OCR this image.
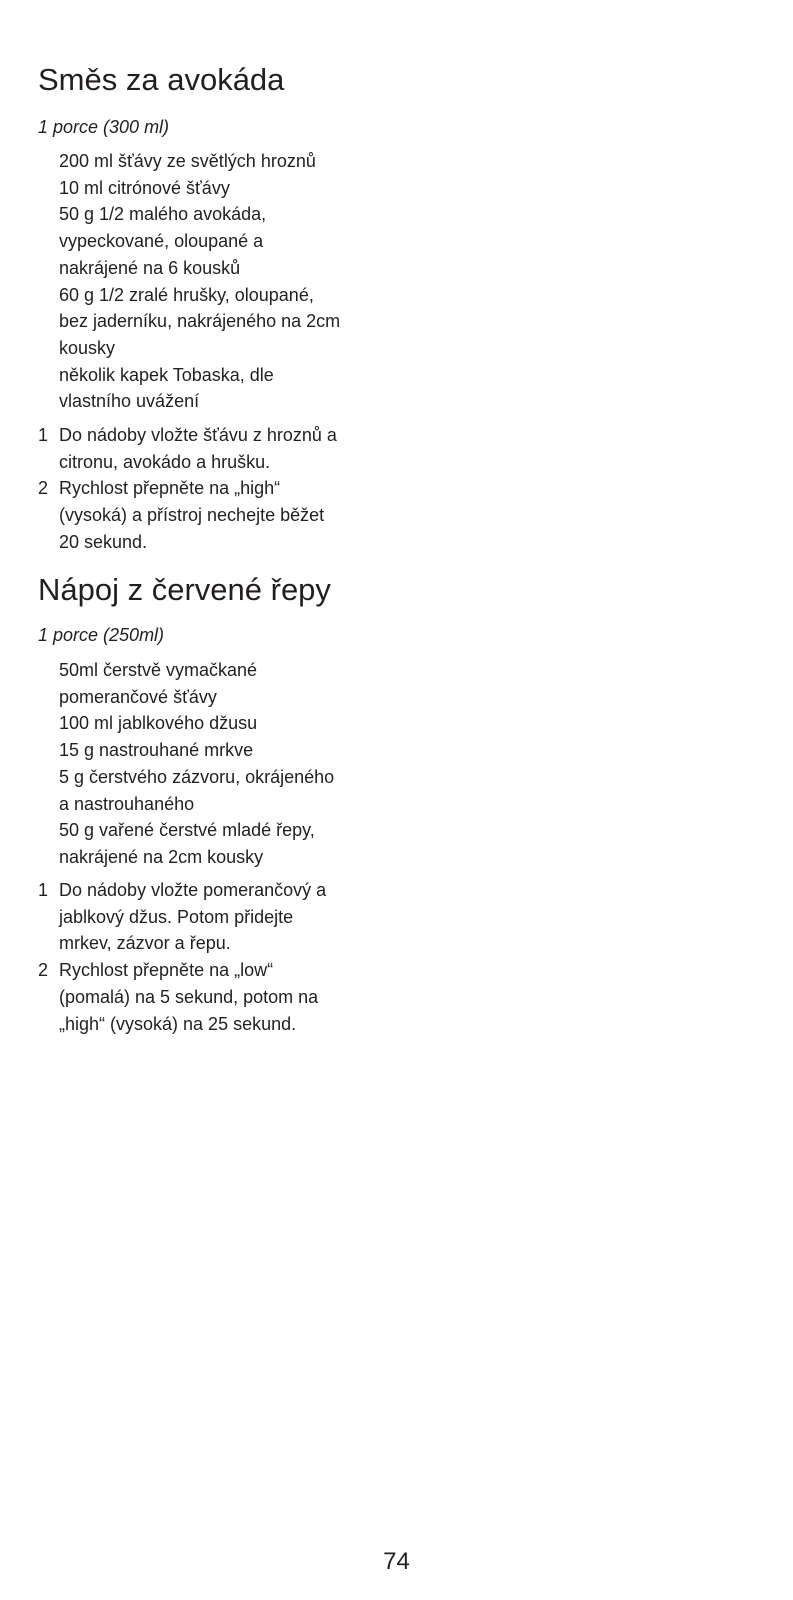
Směs za avokáda

1 porce (300 ml)

200 ml šťávy ze světlých hroznů
10 ml citrónové šťávy
50 g 1/2 malého avokáda,
vypeckované, oloupané a
nakrájené na 6 kousků
60 g 1/2 zralé hrušky, oloupané,
bez jaderníku, nakrájeného na 2cm
kousky
několik kapek Tobaska, dle
vlastního uvážení
1 Do nádoby vložte šťávu z hroznů a
citronu, avokádo a hrušku.
2 Rychlost přepněte na „high“
(vysoká) a přístroj nechejte běžet
20 sekund.
Nápoj z červené řepy

1 porce (250ml)

50ml čerstvě vymačkané
pomerančové šťávy
100 ml jablkového džusu
15 g nastrouhané mrkve
5 g čerstvého zázvoru, okrájeného
a nastrouhaného
50 g vařené čerstvé mladé řepy,
nakrájené na 2cm kousky
1 Do nádoby vložte pomerančový a
jablkový džus. Potom přidejte
mrkev, zázvor a řepu.
2 Rychlost přepněte na „low“
(pomalá) na 5 sekund, potom na
„high“ (vysoká) na 25 sekund.
74
